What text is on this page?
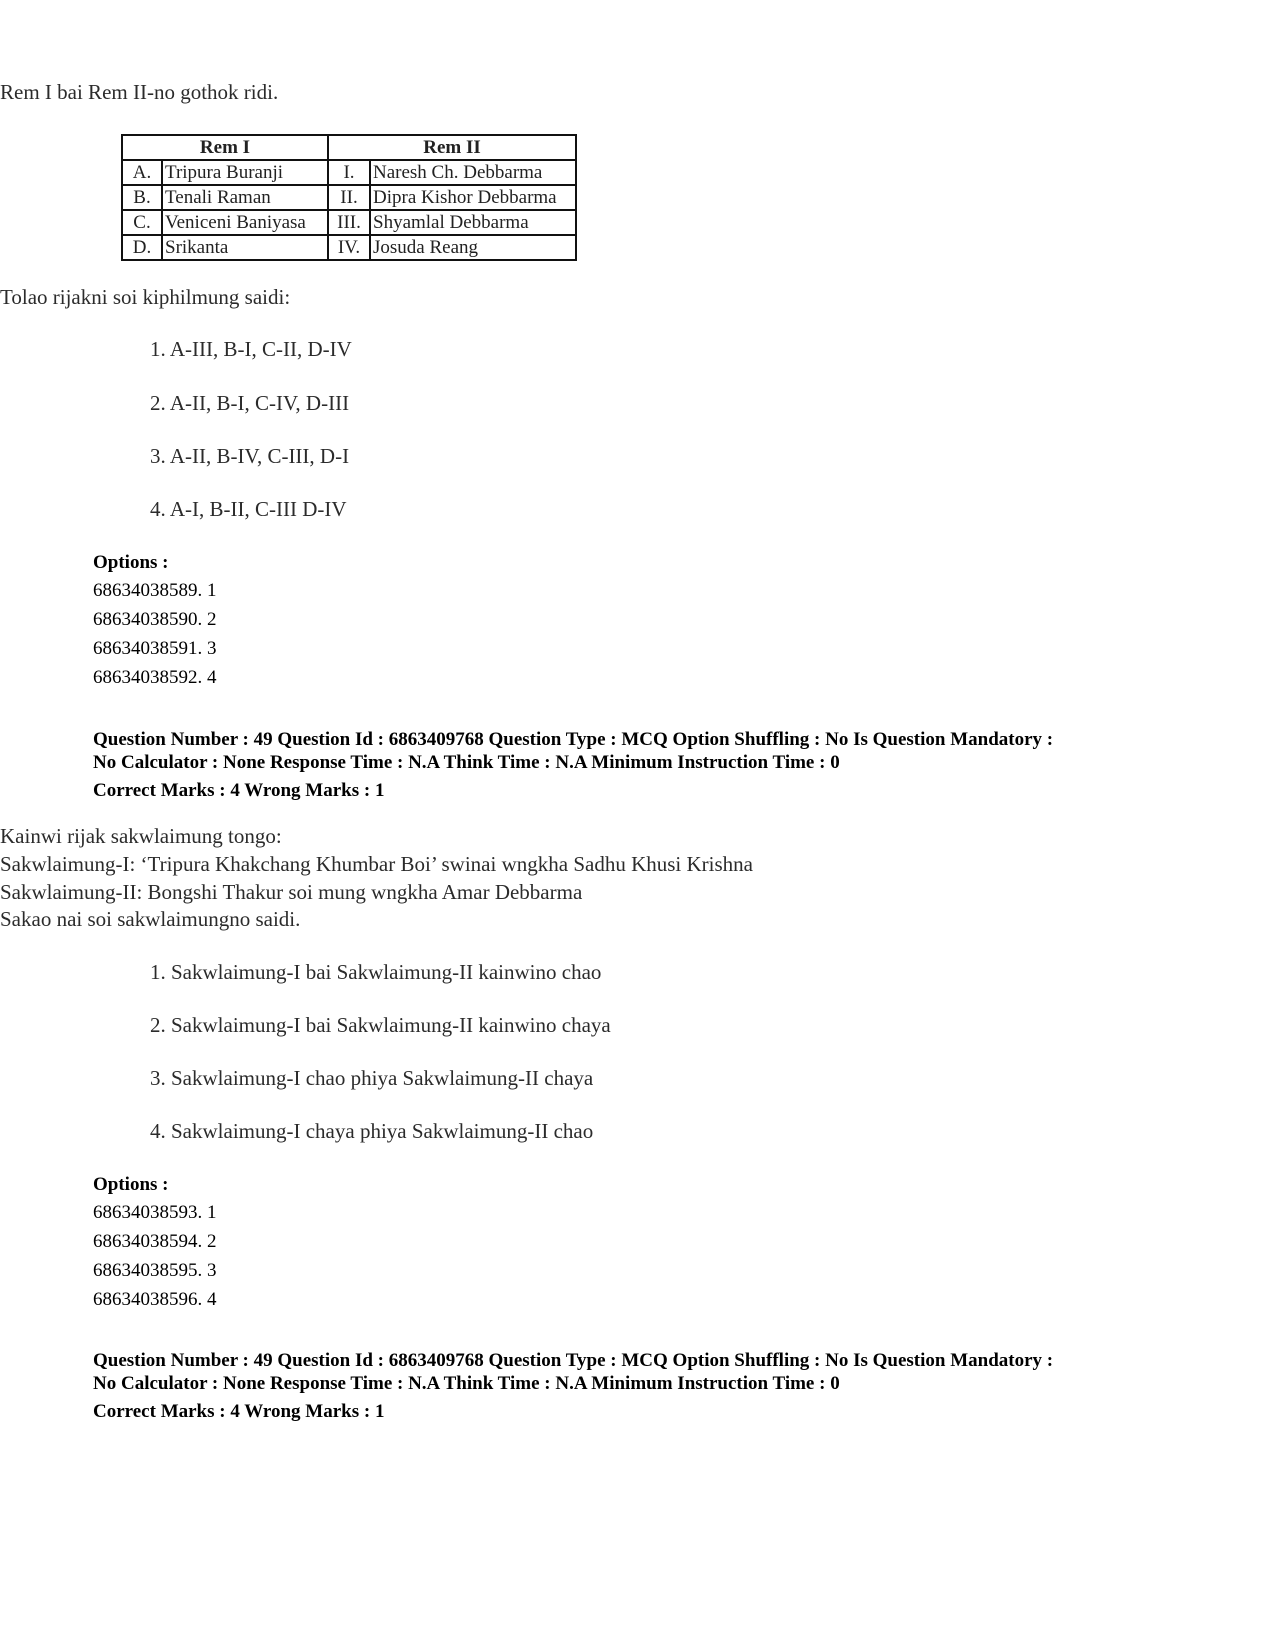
Rem I bai Rem II-no gothok ridi.
Rem I		Rem II	
A.	Tripura Buranji	I.	Naresh Ch. Debbarma
B.	Tenali Raman	II.	Dipra Kishor Debbarma
C.	Veniceni Baniyasa	III.	Shyamlal Debbarma
D.	Srikanta	IV.	Josuda Reang
Tolao rijakni soi kiphilmung saidi:
1. A-III, B-I, C-II, D-IV
2. A-II, B-I, C-IV, D-III
3. A-II, B-IV, C-III, D-I
4. A-I, B-II, C-III D-IV
Options :
68634038589. 1
68634038590. 2
68634038591. 3
68634038592. 4
Question Number : 49 Question Id : 6863409768 Question Type : MCQ Option Shuffling : No Is Question Mandatory :
No Calculator : None Response Time : N.A Think Time : N.A Minimum Instruction Time : 0
Correct Marks : 4 Wrong Marks : 1
Kainwi rijak sakwlaimung tongo:
Sakwlaimung-I: ‘Tripura Khakchang Khumbar Boi’ swinai wngkha Sadhu Khusi Krishna
Sakwlaimung-II: Bongshi Thakur soi mung wngkha Amar Debbarma
Sakao nai soi sakwlaimungno saidi.
1. Sakwlaimung-I bai Sakwlaimung-II kainwino chao
2. Sakwlaimung-I bai Sakwlaimung-II kainwino chaya
3. Sakwlaimung-I chao phiya Sakwlaimung-II chaya
4. Sakwlaimung-I chaya phiya Sakwlaimung-II chao
Options :
68634038593. 1
68634038594. 2
68634038595. 3
68634038596. 4
Question Number : 49 Question Id : 6863409768 Question Type : MCQ Option Shuffling : No Is Question Mandatory :
No Calculator : None Response Time : N.A Think Time : N.A Minimum Instruction Time : 0
Correct Marks : 4 Wrong Marks : 1
